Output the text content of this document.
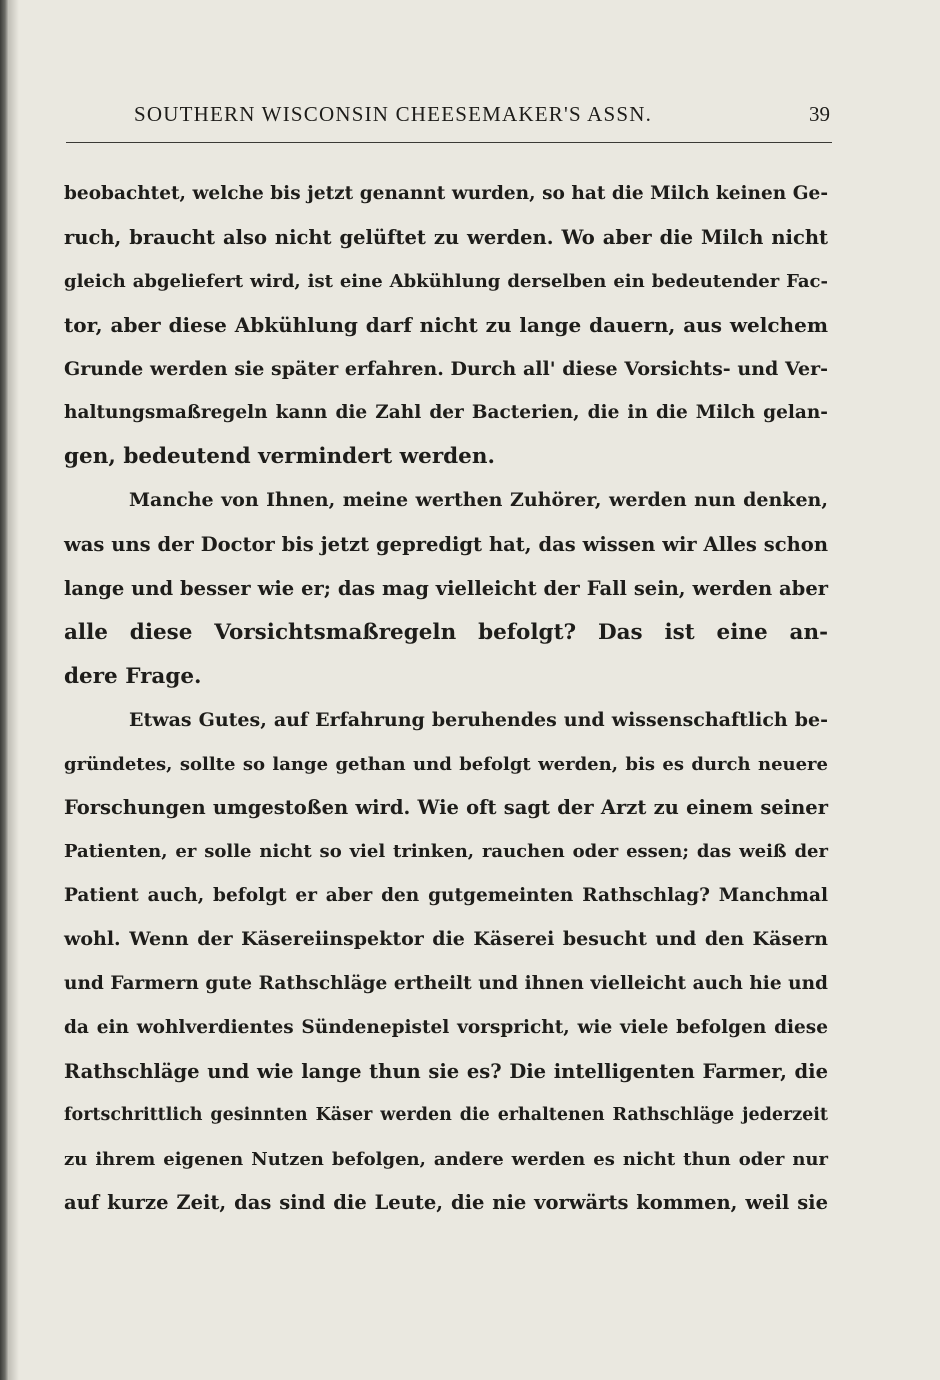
SOUTHERN WISCONSIN CHEESEMAKER'S ASSN.	39
beobachtet, welche bis jetzt genannt wurden, so hat die Milch keinen Ge-
ruch, braucht also nicht gelüftet zu werden. Wo aber die Milch nicht
gleich abgeliefert wird, ist eine Abkühlung derselben ein bedeutender Fac-
tor, aber diese Abkühlung darf nicht zu lange dauern, aus welchem
Grunde werden sie später erfahren. Durch all' diese Vorsichts- und Ver-
haltungsmaßregeln kann die Zahl der Bacterien, die in die Milch gelan-
gen, bedeutend vermindert werden.
Manche von Ihnen, meine werthen Zuhörer, werden nun denken,
was uns der Doctor bis jetzt gepredigt hat, das wissen wir Alles schon
lange und besser wie er; das mag vielleicht der Fall sein, werden aber
alle diese Vorsichtsmaßregeln befolgt? Das ist eine an-
dere Frage.
Etwas Gutes, auf Erfahrung beruhendes und wissenschaftlich be-
gründetes, sollte so lange gethan und befolgt werden, bis es durch neuere
Forschungen umgestoßen wird. Wie oft sagt der Arzt zu einem seiner
Patienten, er solle nicht so viel trinken, rauchen oder essen; das weiß der
Patient auch, befolgt er aber den gutgemeinten Rathschlag? Manchmal
wohl. Wenn der Käsereiinspektor die Käserei besucht und den Käsern
und Farmern gute Rathschläge ertheilt und ihnen vielleicht auch hie und
da ein wohlverdientes Sündenepistel vorspricht, wie viele befolgen diese
Rathschläge und wie lange thun sie es? Die intelligenten Farmer, die
fortschrittlich gesinnten Käser werden die erhaltenen Rathschläge jederzeit
zu ihrem eigenen Nutzen befolgen, andere werden es nicht thun oder nur
auf kurze Zeit, das sind die Leute, die nie vorwärts kommen, weil sie
